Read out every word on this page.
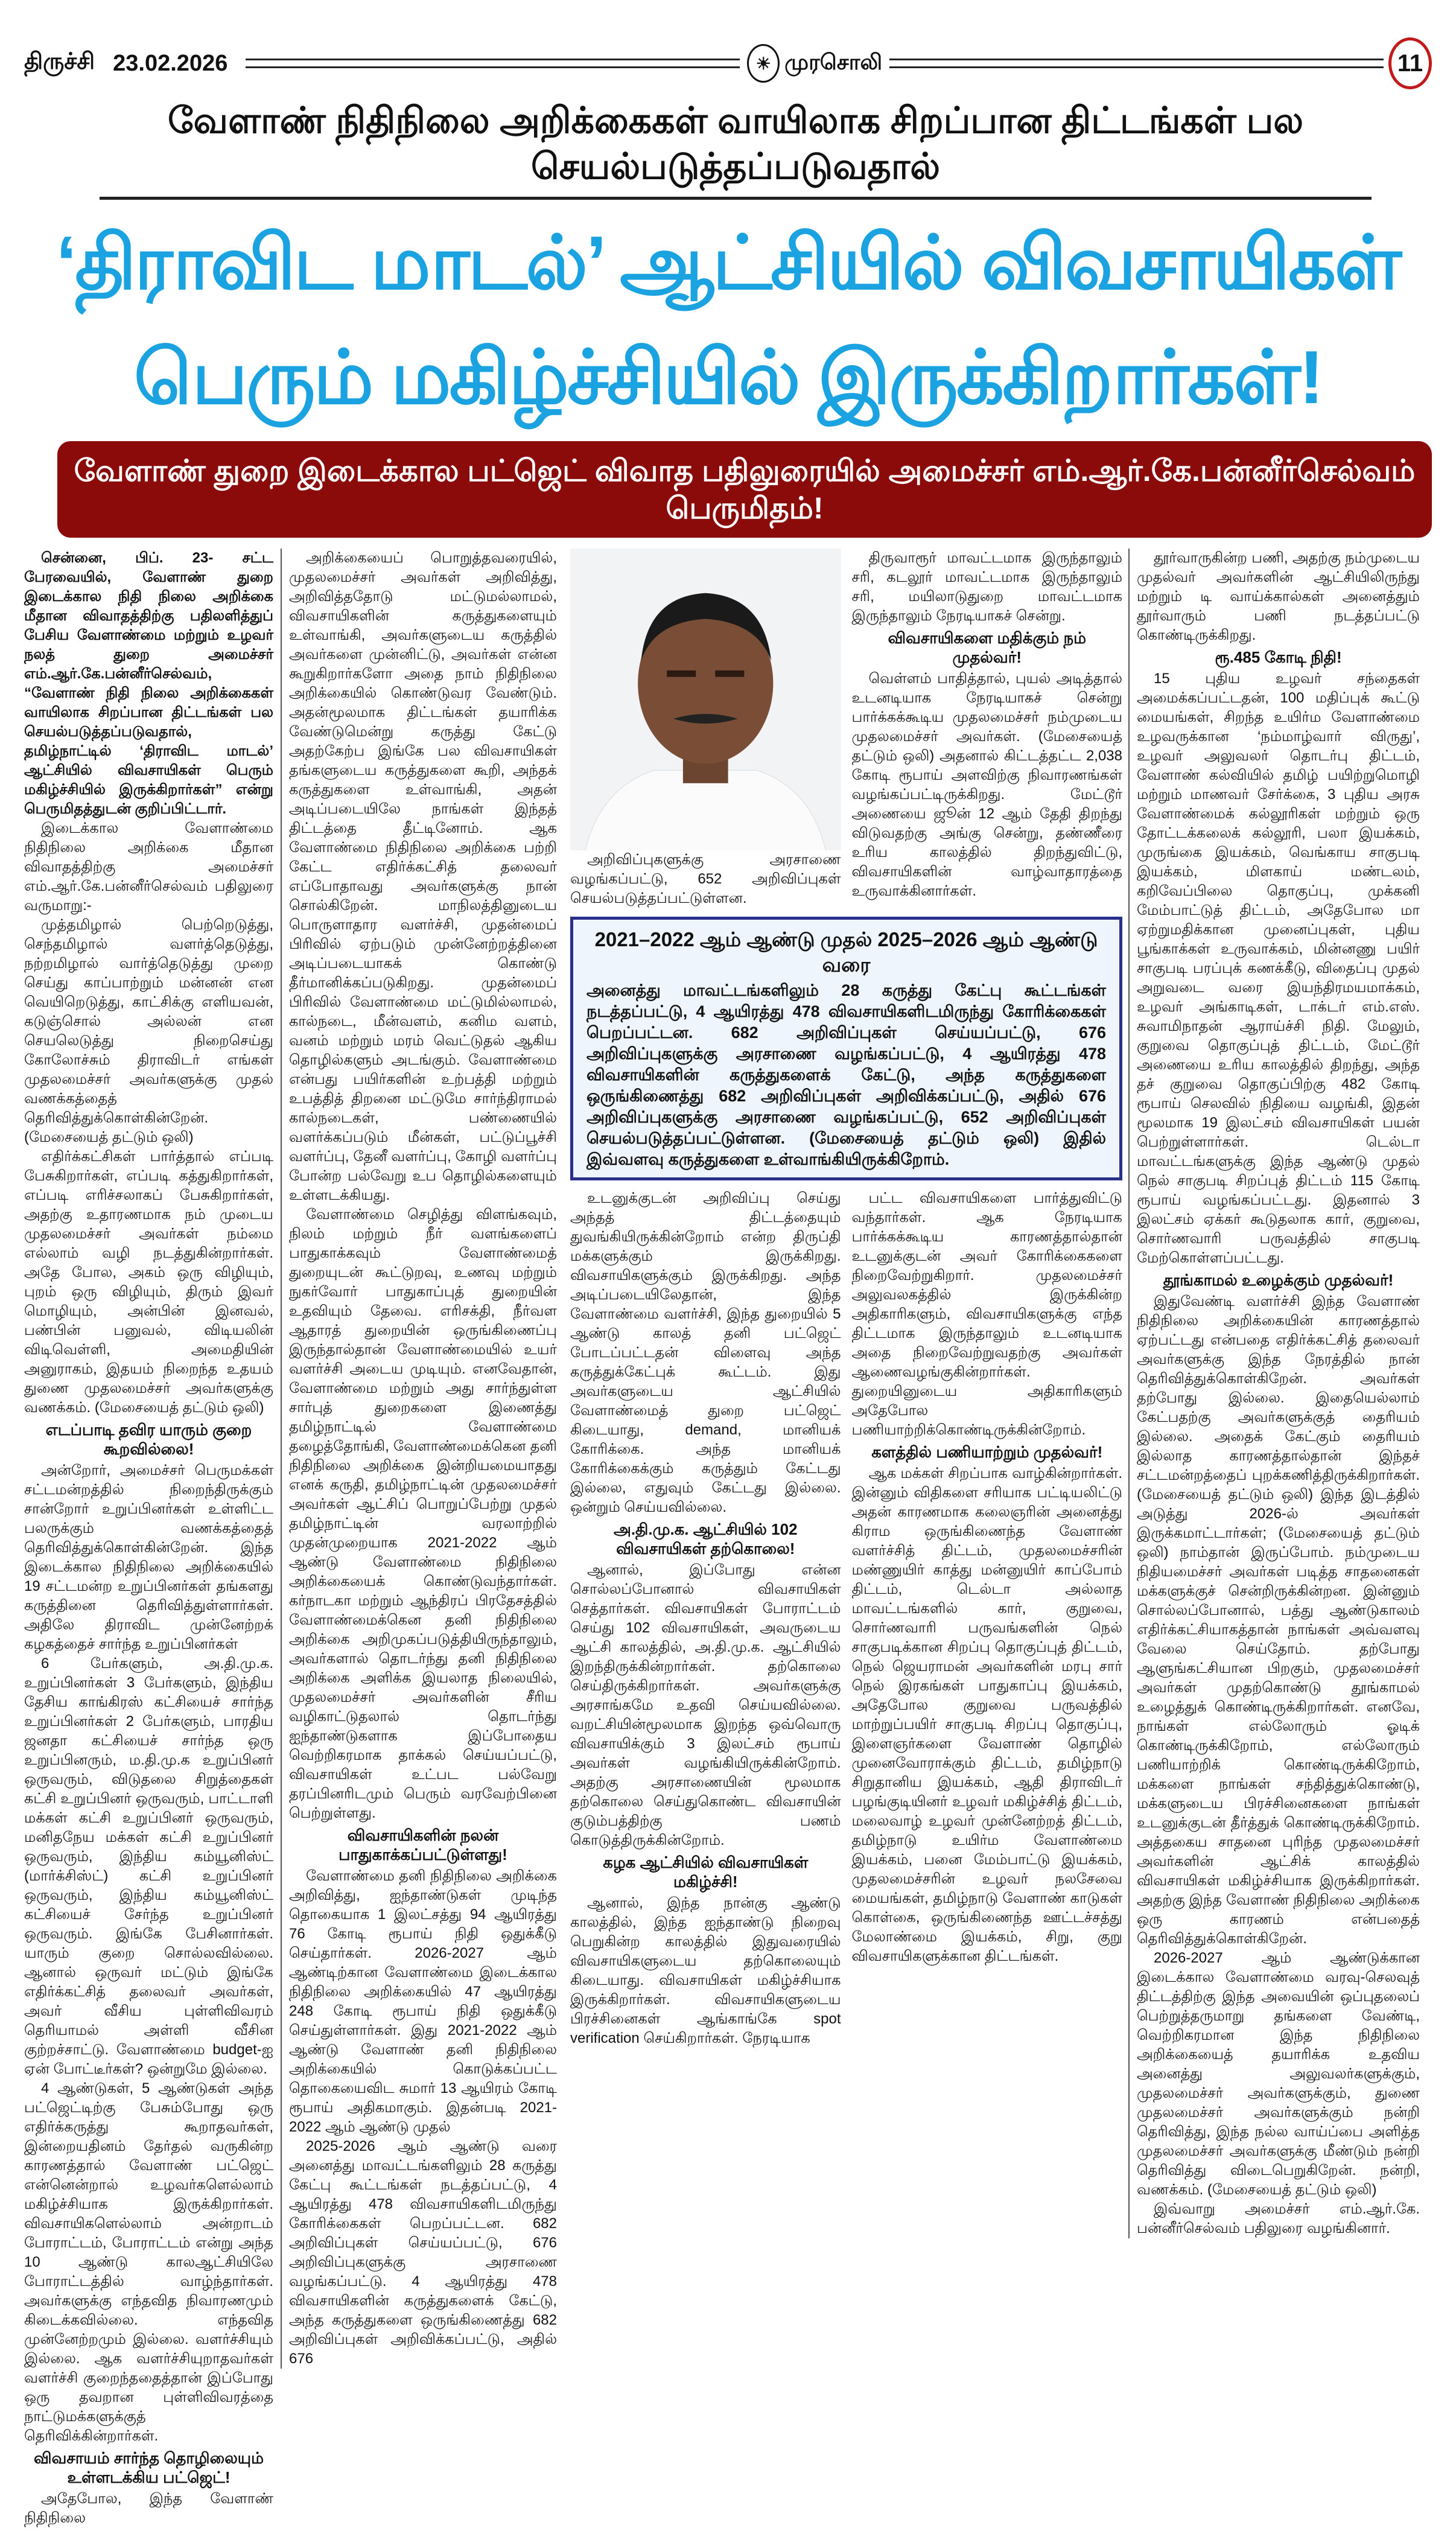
திருச்சி 23.02.2026	☀ முரசொலி	11
வேளாண் நிதிநிலை அறிக்கைகள் வாயிலாக சிறப்பான திட்டங்கள் பல செயல்படுத்தப்படுவதால்
‘திராவிட மாடல்’ ஆட்சியில் விவசாயிகள் பெரும் மகிழ்ச்சியில் இருக்கிறார்கள்!
வேளாண் துறை இடைக்கால பட்ஜெட் விவாத பதிலுரையில் அமைச்சர் எம்.ஆர்.கே.பன்னீர்செல்வம் பெருமிதம்!

சென்னை, பிப். 23- சட்ட பேரவையில், வேளாண் துறை இடைக்கால நிதி நிலை அறிக்கை மீதான விவாதத்திற்கு பதிலளித்துப் பேசிய வேளாண்மை மற்றும் உழவர் நலத் துறை அமைச்சர் எம்.ஆர்.கே.பன்னீர்செல்வம், “வேளாண் நிதி நிலை அறிக்கைகள் வாயிலாக சிறப்பான திட்டங்கள் பல செயல்படுத்தப்படுவதால், தமிழ்நாட்டில் ‘திராவிட மாடல்’ ஆட்சியில் விவசாயிகள் பெரும் மகிழ்ச்சியில் இருக்கிறார்கள்” என்று பெருமிதத்துடன் குறிப்பிட்டார்.

இடைக்கால வேளாண்மை நிதிநிலை அறிக்கை மீதான விவாதத்திற்கு அமைச்சர் எம்.ஆர்.கே.பன்னீர்செல்வம் பதிலுரை வருமாறு:-

முத்தமிழால் பெற்றெடுத்து, செந்தமிழால் வளர்த்தெடுத்து, நற்றமிழால் வார்த்தெடுத்து முறை செய்து காப்பாற்றும் மன்னன் என வெயிறெடுத்து, காட்சிக்கு எளியவன், கடுஞ்சொல் அல்லன் என செயலெடுத்து நிறைசெய்து கோலோச்சும் திராவிடர் எங்கள் முதலமைச்சர் அவர்களுக்கு முதல் வணக்கத்தைத் தெரிவித்துக்கொள்கின்றேன். (மேசையைத் தட்டும் ஒலி)

எதிர்க்கட்சிகள் பார்த்தால் எப்படி பேசுகிறார்கள், எப்படி கத்துகிறார்கள், எப்படி எரிச்சலாகப் பேசுகிறார்கள், அதற்கு உதாரணமாக நம் முடைய முதலமைச்சர் அவர்கள் நம்மை எல்லாம் வழி நடத்துகின்றார்கள். அதே போல, அகம் ஒரு விழியும், புறம் ஒரு விழியும், திரும் இவர் மொழியும், அன்பின் இனவல், பண்பின் பனுவல், விடியலின் விடிவெள்ளி, அமைதியின் அனுராகம், இதயம் நிறைந்த உதயம் துணை முதலமைச்சர் அவர்களுக்கு வணக்கம். (மேசையைத் தட்டும் ஒலி)

எடப்பாடி தவிர யாரும் குறை கூறவில்லை!

அன்றோர், அமைச்சர் பெருமக்கள் சட்டமன்றத்தில் நிறைந்திருக்கும் சான்றோர் உறுப்பினர்கள் உள்ளிட்ட பலருக்கும் வணக்கத்தைத் தெரிவித்துக்கொள்கின்றேன். இந்த இடைக்கால நிதிநிலை அறிக்கையில் 19 சட்டமன்ற உறுப்பினர்கள் தங்களது கருத்தினை தெரிவித்துள்ளார்கள். அதிலே திராவிட முன்னேற்றக் கழகத்தைச் சார்ந்த உறுப்பினர்கள்

6 பேர்களும், அ.தி.மு.க. உறுப்பினர்கள் 3 பேர்களும், இந்திய தேசிய காங்கிரஸ் கட்சியைச் சார்ந்த உறுப்பினர்கள் 2 பேர்களும், பாரதிய ஜனதா கட்சியைச் சார்ந்த ஒரு உறுப்பினரும், ம.தி.மு.க உறுப்பினர் ஒருவரும், விடுதலை சிறுத்தைகள் கட்சி உறுப்பினர் ஒருவரும், பாட்டாளி மக்கள் கட்சி உறுப்பினர் ஒருவரும், மனிதநேய மக்கள் கட்சி உறுப்பினர் ஒருவரும், இந்திய கம்யூனிஸ்ட் (மார்க்சிஸ்ட்) கட்சி உறுப்பினர் ஒருவரும், இந்திய கம்யூனிஸ்ட் கட்சியைச் சேர்ந்த உறுப்பினர் ஒருவரும். இங்கே பேசினார்கள். யாரும் குறை சொல்லவில்லை. ஆனால் ஒருவர் மட்டும் இங்கே எதிர்க்கட்சித் தலைவர் அவர்கள், அவர் வீசிய புள்ளிவிவரம் தெரியாமல் அள்ளி வீசின குற்றச்சாட்டு. வேளாண்மை budget-ஐ ஏன் போட்டீர்கள்? ஒன்றுமே இல்லை.

4 ஆண்டுகள், 5 ஆண்டுகள் அந்த பட்ஜெட்டிற்கு பேசும்போது ஒரு எதிர்க்கருத்து கூறாதவர்கள், இன்றையதினம் தேர்தல் வருகின்ற காரணத்தால் வேளாண் பட்ஜெட் என்னென்றால் உழவர்களெல்லாம் மகிழ்ச்சியாக இருக்கிறார்கள். விவசாயிகளெல்லாம் அன்றாடம் போராட்டம், போராட்டம் என்று அந்த 10 ஆண்டு காலஆட்சியிலே போராட்டத்தில் வாழ்ந்தார்கள். அவர்களுக்கு எந்தவித நிவாரணமும் கிடைக்கவில்லை. எந்தவித முன்னேற்றமும் இல்லை. வளர்ச்சியும் இல்லை. ஆக வளர்ச்சியுறாதவர்கள் வளர்ச்சி குறைந்ததைத்தான் இப்போது ஒரு தவறான புள்ளிவிவரத்தை நாட்டுமக்களுக்குத் தெரிவிக்கின்றார்கள்.

விவசாயம் சார்ந்த தொழிலையும் உள்ளடக்கிய பட்ஜெட்!

அதேபோல, இந்த வேளாண் நிதிநிலை

அறிக்கையைப் பொறுத்தவரையில், முதலமைச்சர் அவர்கள் அறிவித்து, அறிவித்ததோடு மட்டுமல்லாமல், விவசாயிகளின் கருத்துகளையும் உள்வாங்கி, அவர்களுடைய கருத்தில் அவர்களை முன்னிட்டு, அவர்கள் என்ன கூறுகிறார்களோ அதை நாம் நிதிநிலை அறிக்கையில் கொண்டுவர வேண்டும். அதன்மூலமாக திட்டங்கள் தயாரிக்க வேண்டுமென்று கருத்து கேட்டு அதற்கேற்ப இங்கே பல விவசாயிகள் தங்களுடைய கருத்துகளை கூறி, அந்தக் கருத்துகளை உள்வாங்கி, அதன் அடிப்படையிலே நாங்கள் இந்தத் திட்டத்தை தீட்டினோம். ஆக வேளாண்மை நிதிநிலை அறிக்கை பற்றி கேட்ட எதிர்க்கட்சித் தலைவர் எப்போதாவது அவர்களுக்கு நான் சொல்கிறேன். மாநிலத்தினுடைய பொருளாதார வளர்ச்சி, முதன்மைப் பிரிவில் ஏற்படும் முன்னேற்றத்தினை அடிப்படையாகக் கொண்டு தீர்மானிக்கப்படுகிறது. முதன்மைப் பிரிவில் வேளாண்மை மட்டுமில்லாமல், கால்நடை, மீன்வளம், கனிம வளம், வனம் மற்றும் மரம் வெட்டுதல் ஆகிய தொழில்களும் அடங்கும். வேளாண்மை என்பது பயிர்களின் உற்பத்தி மற்றும் உபத்தித் திறனை மட்டுமே சார்ந்திராமல் கால்நடைகள், பண்ணையில் வளர்க்கப்படும் மீன்கள், பட்டுப்பூச்சி வளர்ப்பு, தேனீ வளர்ப்பு, கோழி வளர்ப்பு போன்ற பல்வேறு உப தொழில்களையும் உள்ளடக்கியது.

வேளாண்மை செழித்து விளங்கவும், நிலம் மற்றும் நீர் வளங்களைப் பாதுகாக்கவும் வேளாண்மைத் துறையுடன் கூட்டுறவு, உணவு மற்றும் நுகர்வோர் பாதுகாப்புத் துறையின் உதவியும் தேவை. எரிசக்தி, நீர்வள ஆதாரத் துறையின் ஒருங்கிணைப்பு இருந்தால்தான் வேளாண்மையில் உயர் வளர்ச்சி அடைய முடியும். எனவேதான், வேளாண்மை மற்றும் அது சார்ந்துள்ள சார்புத் துறைகளை இணைத்து தமிழ்நாட்டில் வேளாண்மை தழைத்தோங்கி, வேளாண்மைக்கென தனி நிதிநிலை அறிக்கை இன்றியமையாதது எனக் கருதி, தமிழ்நாட்டின் முதலமைச்சர் அவர்கள் ஆட்சிப் பொறுப்பேற்று முதல் தமிழ்நாட்டின் வரலாற்றில் முதன்முறையாக 2021-2022 ஆம் ஆண்டு வேளாண்மை நிதிநிலை அறிக்கையைக் கொண்டுவந்தார்கள். கர்நாடகா மற்றும் ஆந்திரப் பிரதேசத்தில் வேளாண்மைக்கென தனி நிதிநிலை அறிக்கை அறிமுகப்படுத்தியிருந்தாலும், அவர்களால் தொடர்ந்து தனி நிதிநிலை அறிக்கை அளிக்க இயலாத நிலையில், முதலமைச்சர் அவர்களின் சீரிய வழிகாட்டுதலால் தொடர்ந்து ஐந்தாண்டுகளாக இப்போதைய வெற்றிகரமாக தாக்கல் செய்யப்பட்டு, விவசாயிகள் உட்பட பல்வேறு தரப்பினரிடமும் பெரும் வரவேற்பினை பெற்றுள்ளது.

விவசாயிகளின் நலன் பாதுகாக்கப்பட்டுள்ளது!

வேளாண்மை தனி நிதிநிலை அறிக்கை அறிவித்து, ஐந்தாண்டுகள் முடிந்த தொகையாக 1 இலட்சத்து 94 ஆயிரத்து 76 கோடி ரூபாய் நிதி ஒதுக்கீடு செய்தார்கள். 2026-2027 ஆம் ஆண்டிற்கான வேளாண்மை இடைக்கால நிதிநிலை அறிக்கையில் 47 ஆயிரத்து 248 கோடி ரூபாய் நிதி ஒதுக்கீடு செய்துள்ளார்கள். இது 2021-2022 ஆம் ஆண்டு வேளாண் தனி நிதிநிலை அறிக்கையில் கொடுக்கப்பட்ட தொகையைவிட சுமார் 13 ஆயிரம் கோடி ரூபாய் அதிகமாகும். இதன்படி 2021-2022 ஆம் ஆண்டு முதல்

2025-2026 ஆம் ஆண்டு வரை அனைத்து மாவட்டங்களிலும் 28 கருத்து கேட்பு கூட்டங்கள் நடத்தப்பட்டு, 4 ஆயிரத்து 478 விவசாயிகளிடமிருந்து கோரிக்கைகள் பெறப்பட்டன. 682 அறிவிப்புகள் செய்யப்பட்டு, 676 அறிவிப்புகளுக்கு அரசாணை வழங்கப்பட்டு. 4 ஆயிரத்து 478 விவசாயிகளின் கருத்துகளைக் கேட்டு, அந்த கருத்துகளை ஒருங்கிணைத்து 682 அறிவிப்புகள் அறிவிக்கப்பட்டு, அதில் 676

அறிவிப்புகளுக்கு அரசாணை வழங்கப்பட்டு, 652 அறிவிப்புகள் செயல்படுத்தப்பட்டுள்ளன.

திருவாரூர் மாவட்டமாக இருந்தாலும் சரி, கடலூர் மாவட்டமாக இருந்தாலும் சரி, மயிலாடுதுறை மாவட்டமாக இருந்தாலும் நேரடியாகச் சென்று.

விவசாயிகளை மதிக்கும் நம் முதல்வர்!

வெள்ளம் பாதித்தால், புயல் அடித்தால் உடனடியாக நேரடியாகச் சென்று பார்க்கக்கூடிய முதலமைச்சர் நம்முடைய முதலமைச்சர் அவர்கள். (மேசையைத் தட்டும் ஒலி) அதனால் கிட்டத்தட்ட 2,038 கோடி ரூபாய் அளவிற்கு நிவாரணங்கள் வழங்கப்பட்டிருக்கிறது. மேட்டூர் அணையை ஜூன் 12 ஆம் தேதி திறந்து விடுவதற்கு அங்கு சென்று, தண்ணீரை உரிய காலத்தில் திறந்துவிட்டு, விவசாயிகளின் வாழ்வாதாரத்தை உருவாக்கினார்கள்.

2021–2022 ஆம் ஆண்டு முதல் 2025–2026 ஆம் ஆண்டு வரை
அனைத்து மாவட்டங்களிலும் 28 கருத்து கேட்பு கூட்டங்கள் நடத்தப்பட்டு, 4 ஆயிரத்து 478 விவசாயிகளிடமிருந்து கோரிக்கைகள் பெறப்பட்டன. 682 அறிவிப்புகள் செய்யப்பட்டு, 676 அறிவிப்புகளுக்கு அரசாணை வழங்கப்பட்டு, 4 ஆயிரத்து 478 விவசாயிகளின் கருத்துகளைக் கேட்டு, அந்த கருத்துகளை ஒருங்கிணைத்து 682 அறிவிப்புகள் அறிவிக்கப்பட்டு, அதில் 676 அறிவிப்புகளுக்கு அரசாணை வழங்கப்பட்டு, 652 அறிவிப்புகள் செயல்படுத்தப்பட்டுள்ளன. (மேசையைத் தட்டும் ஒலி) இதில் இவ்வளவு கருத்துகளை உள்வாங்கியிருக்கிறோம்.

உடனுக்குடன் அறிவிப்பு செய்து அந்தத் திட்டத்தையும் துவங்கியிருக்கின்றோம் என்ற திருப்தி மக்களுக்கும் இருக்கிறது. விவசாயிகளுக்கும் இருக்கிறது. அந்த அடிப்படையிலேதான், இந்த வேளாண்மை வளர்ச்சி, இந்த துறையில் 5 ஆண்டு காலத் தனி பட்ஜெட் போடப்பட்டதன் விளைவு அந்த கருத்துக்கேட்புக் கூட்டம். இது அவர்களுடைய ஆட்சியில் வேளாண்மைத் துறை பட்ஜெட் கிடையாது, demand, மானியக் கோரிக்கை. அந்த மானியக் கோரிக்கைக்கும் கருத்தும் கேட்டது இல்லை, எதுவும் கேட்டது இல்லை. ஒன்றும் செய்யவில்லை.

அ.தி.மு.க. ஆட்சியில் 102 விவசாயிகள் தற்கொலை!

ஆனால், இப்போது என்ன சொல்லப்போனால் விவசாயிகள் செத்தார்கள். விவசாயிகள் போராட்டம் செய்து 102 விவசாயிகள், அவருடைய ஆட்சி காலத்தில், அ.தி.மு.க. ஆட்சியில் இறந்திருக்கின்றார்கள். தற்கொலை செய்திருக்கிறார்கள். அவர்களுக்கு அரசாங்கமே உதவி செய்யவில்லை. வறட்சியின்மூலமாக இறந்த ஒவ்வொரு விவசாயிக்கும் 3 இலட்சம் ரூபாய் அவர்கள் வழங்கியிருக்கின்றோம். அதற்கு அரசாணையின் மூலமாக தற்கொலை செய்துகொண்ட விவசாயின் குடும்பத்திற்கு பணம் கொடுத்திருக்கின்றோம்.

கழக ஆட்சியில் விவசாயிகள் மகிழ்ச்சி!

ஆனால், இந்த நான்கு ஆண்டு காலத்தில், இந்த ஐந்தாண்டு நிறைவு பெறுகின்ற காலத்தில் இதுவரையில் விவசாயிகளுடைய தற்கொலையும் கிடையாது. விவசாயிகள் மகிழ்ச்சியாக இருக்கிறார்கள். விவசாயிகளுடைய பிரச்சினைகள் ஆங்காங்கே spot verification செய்கிறார்கள். நேரடியாக

பட்ட விவசாயிகளை பார்த்துவிட்டு வந்தார்கள். ஆக நேரடியாக பார்க்கக்கூடிய காரணத்தால்தான் உடனுக்குடன் அவர் கோரிக்கைகளை நிறைவேற்றுகிறார். முதலமைச்சர் அலுவலகத்தில் இருக்கின்ற அதிகாரிகளும், விவசாயிகளுக்கு எந்த திட்டமாக இருந்தாலும் உடனடியாக அதை நிறைவேற்றுவதற்கு அவர்கள் ஆணைவழங்குகின்றார்கள். துறையினுடைய அதிகாரிகளும் அதேபோல பணியாற்றிக்கொண்டிருக்கின்றோம்.

களத்தில் பணியாற்றும் முதல்வர்!

ஆக மக்கள் சிறப்பாக வாழ்கின்றார்கள். இன்னும் விதிகளை சரியாக பட்டியலிட்டு அதன் காரணமாக கலைஞரின் அனைத்து கிராம ஒருங்கிணைந்த வேளாண் வளர்ச்சித் திட்டம், முதலமைச்சரின் மண்ணுயிர் காத்து மன்னுயிர் காப்போம் திட்டம், டெல்டா அல்லாத மாவட்டங்களில் கார், குறுவை, சொர்ணவாரி பருவங்களின் நெல் சாகுபடிக்கான சிறப்பு தொகுப்புத் திட்டம், நெல் ஜெயராமன் அவர்களின் மரபு சார் நெல் இரகங்கள் பாதுகாப்பு இயக்கம், அதேபோல குறுவை பருவத்தில் மாற்றுப்பயிர் சாகுபடி சிறப்பு தொகுப்பு, இளைஞர்களை வேளாண் தொழில் முனைவோராக்கும் திட்டம், தமிழ்நாடு சிறுதானிய இயக்கம், ஆதி திராவிடர் பழங்குடியினர் உழவர் மகிழ்ச்சித் திட்டம், மலைவாழ் உழவர் முன்னேற்றத் திட்டம், தமிழ்நாடு உயிர்ம வேளாண்மை இயக்கம், பனை மேம்பாட்டு இயக்கம், முதலமைச்சரின் உழவர் நலசேவை மையங்கள், தமிழ்நாடு வேளாண் காடுகள் கொள்கை, ஒருங்கிணைந்த ஊட்டச்சத்து மேலாண்மை இயக்கம், சிறு, குறு விவசாயிகளுக்கான திட்டங்கள்.

தூர்வாருகின்ற பணி, அதற்கு நம்முடைய முதல்வர் அவர்களின் ஆட்சியிலிருந்து மற்றும் டி வாய்க்கால்கள் அனைத்தும் தூர்வாரும் பணி நடத்தப்பட்டு கொண்டிருக்கிறது.

ரூ.485 கோடி நிதி!

15 புதிய உழவர் சந்தைகள் அமைக்கப்பட்டதன், 100 மதிப்புக் கூட்டு மையங்கள், சிறந்த உயிர்ம வேளாண்மை உழவருக்கான ‘நம்மாழ்வார் விருது’, உழவர் அலுவலர் தொடர்பு திட்டம், வேளாண் கல்வியில் தமிழ் பயிற்றுமொழி மற்றும் மாணவர் சேர்க்கை, 3 புதிய அரசு வேளாண்மைக் கல்லூரிகள் மற்றும் ஒரு தோட்டக்கலைக் கல்லூரி, பலா இயக்கம், முருங்கை இயக்கம், வெங்காய சாகுபடி இயக்கம், மிளகாய் மண்டலம், கறிவேப்பிலை தொகுப்பு, முக்கனி மேம்பாட்டுத் திட்டம், அதேபோல மா ஏற்றுமதிக்கான முனைப்புகள், புதிய பூங்காக்கள் உருவாக்கம், மின்னணு பயிர் சாகுபடி பரப்புக் கணக்கீடு, விதைப்பு முதல் அறுவடை வரை இயந்திரமயமாக்கம், உழவர் அங்காடிகள், டாக்டர் எம்.எஸ். சுவாமிநாதன் ஆராய்ச்சி நிதி. மேலும், குறுவை தொகுப்புத் திட்டம், மேட்டூர் அணையை உரிய காலத்தில் திறந்து, அந்த தச் குறுவை தொகுப்பிற்கு 482 கோடி ரூபாய் செலவில் நிதியை வழங்கி, இதன் மூலமாக 19 இலட்சம் விவசாயிகள் பயன் பெற்றுள்ளார்கள். டெல்டா மாவட்டங்களுக்கு இந்த ஆண்டு முதல் நெல் சாகுபடி சிறப்புத் திட்டம் 115 கோடி ரூபாய் வழங்கப்பட்டது. இதனால் 3 இலட்சம் ஏக்கர் கூடுதலாக கார், குறுவை, சொர்ணவாரி பருவத்தில் சாகுபடி மேற்கொள்ளப்பட்டது.

தூங்காமல் உழைக்கும் முதல்வர்!

இதுவேண்டி வளர்ச்சி இந்த வேளாண் நிதிநிலை அறிக்கையின் காரணத்தால் ஏற்பட்டது என்பதை எதிர்க்கட்சித் தலைவர் அவர்களுக்கு இந்த நேரத்தில் நான் தெரிவித்துக்கொள்கிறேன். அவர்கள் தற்போது இல்லை. இதையெல்லாம் கேட்பதற்கு அவர்களுக்குத் தைரியம் இல்லை. அதைக் கேட்கும் தைரியம் இல்லாத காரணத்தால்தான் இந்தச் சட்டமன்றத்தைப் புறக்கணித்திருக்கிறார்கள். (மேசையைத் தட்டும் ஒலி) இந்த இடத்தில் அடுத்து 2026-ல் அவர்கள் இருக்கமாட்டார்கள்; (மேசையைத் தட்டும் ஒலி) நாம்தான் இருப்போம். நம்முடைய நிதியமைச்சர் அவர்கள் படித்த சாதனைகள் மக்களுக்குச் சென்றிருக்கின்றன. இன்னும் சொல்லப்போனால், பத்து ஆண்டுகாலம் எதிர்க்கட்சியாகத்தான் நாங்கள் அவ்வளவு வேலை செய்தோம். தற்போது ஆளுங்கட்சியான பிறகும், முதலமைச்சர் அவர்கள் முதற்கொண்டு தூங்காமல் உழைத்துக் கொண்டிருக்கிறார்கள். எனவே, நாங்கள் எல்லோரும் ஓடிக் கொண்டிருக்கிறோம், எல்லோரும் பணியாற்றிக் கொண்டிருக்கிறோம், மக்களை நாங்கள் சந்தித்துக்கொண்டு, மக்களுடைய பிரச்சினைகளை நாங்கள் உடனுக்குடன் தீர்த்துக் கொண்டிருக்கிறோம். அத்தகைய சாதனை புரிந்த முதலமைச்சர் அவர்களின் ஆட்சிக் காலத்தில் விவசாயிகள் மகிழ்ச்சியாக இருக்கிறார்கள். அதற்கு இந்த வேளாண் நிதிநிலை அறிக்கை ஒரு காரணம் என்பதைத் தெரிவித்துக்கொள்கிறேன்.

2026-2027 ஆம் ஆண்டுக்கான இடைக்கால வேளாண்மை வரவு-செலவுத் திட்டத்திற்கு இந்த அவையின் ஒப்புதலைப் பெற்றுத்தருமாறு தங்களை வேண்டி, வெற்றிகரமான இந்த நிதிநிலை அறிக்கையைத் தயாரிக்க உதவிய அனைத்து அலுவலர்களுக்கும், முதலமைச்சர் அவர்களுக்கும், துணை முதலமைச்சர் அவர்களுக்கும் நன்றி தெரிவித்து, இந்த நல்ல வாய்ப்பை அளித்த முதலமைச்சர் அவர்களுக்கு மீண்டும் நன்றி தெரிவித்து விடைபெறுகிறேன். நன்றி, வணக்கம். (மேசையைத் தட்டும் ஒலி)

இவ்வாறு அமைச்சர் எம்.ஆர்.கே. பன்னீர்செல்வம் பதிலுரை வழங்கினார்.
